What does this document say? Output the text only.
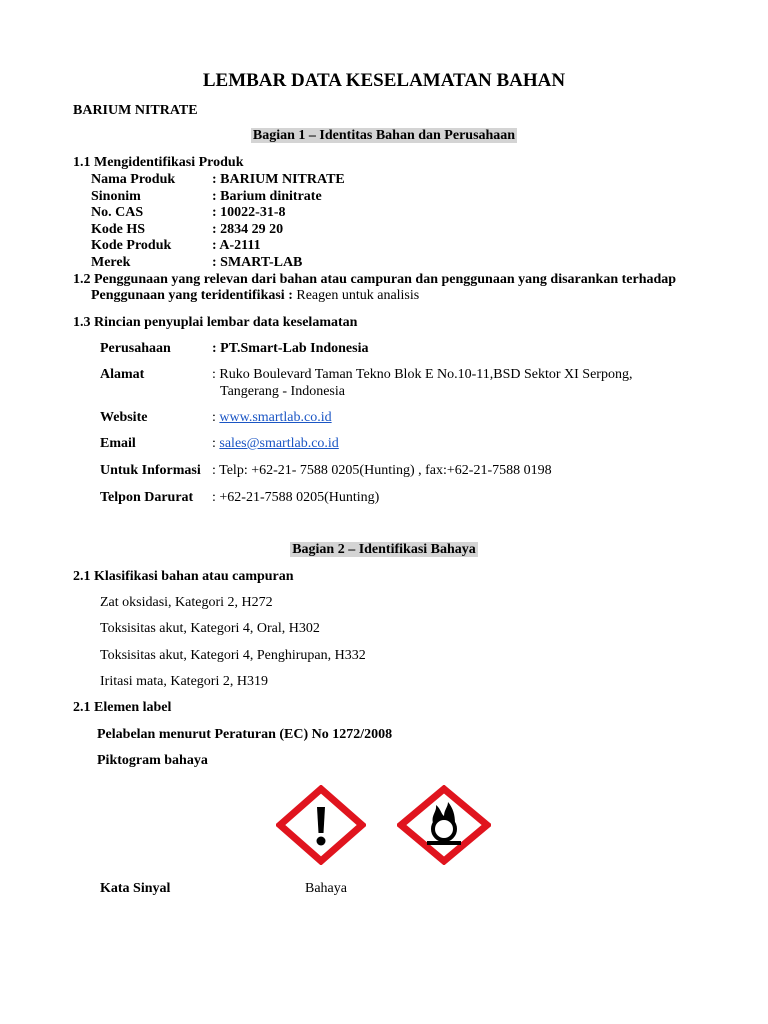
LEMBAR DATA KESELAMATAN BAHAN
BARIUM NITRATE
Bagian 1 – Identitas Bahan dan Perusahaan
1.1 Mengidentifikasi Produk
Nama Produk	: BARIUM NITRATE
Sinonim	: Barium dinitrate
No. CAS	: 10022-31-8
Kode HS	: 2834 29 20
Kode Produk	: A-2111
Merek	: SMART-LAB
1.2 Penggunaan yang relevan dari bahan atau campuran dan penggunaan yang disarankan terhadap
Penggunaan yang teridentifikasi : Reagen untuk analisis
1.3 Rincian penyuplai lembar data keselamatan
Perusahaan	: PT.Smart-Lab Indonesia
Alamat	: Ruko Boulevard Taman Tekno Blok E No.10-11,BSD Sektor XI Serpong,
Tangerang - Indonesia
Website	: www.smartlab.co.id
Email	: sales@smartlab.co.id
Untuk Informasi : Telp: +62-21- 7588 0205(Hunting) , fax:+62-21-7588 0198
Telpon Darurat : +62-21-7588 0205(Hunting)
Bagian 2 – Identifikasi Bahaya
2.1 Klasifikasi bahan atau campuran
Zat oksidasi, Kategori 2, H272
Toksisitas akut, Kategori 4, Oral, H302
Toksisitas akut, Kategori 4, Penghirupan, H332
Iritasi mata, Kategori 2, H319
2.1 Elemen label
Pelabelan menurut Peraturan (EC) No 1272/2008
Piktogram bahaya
Kata Sinyal	Bahaya
